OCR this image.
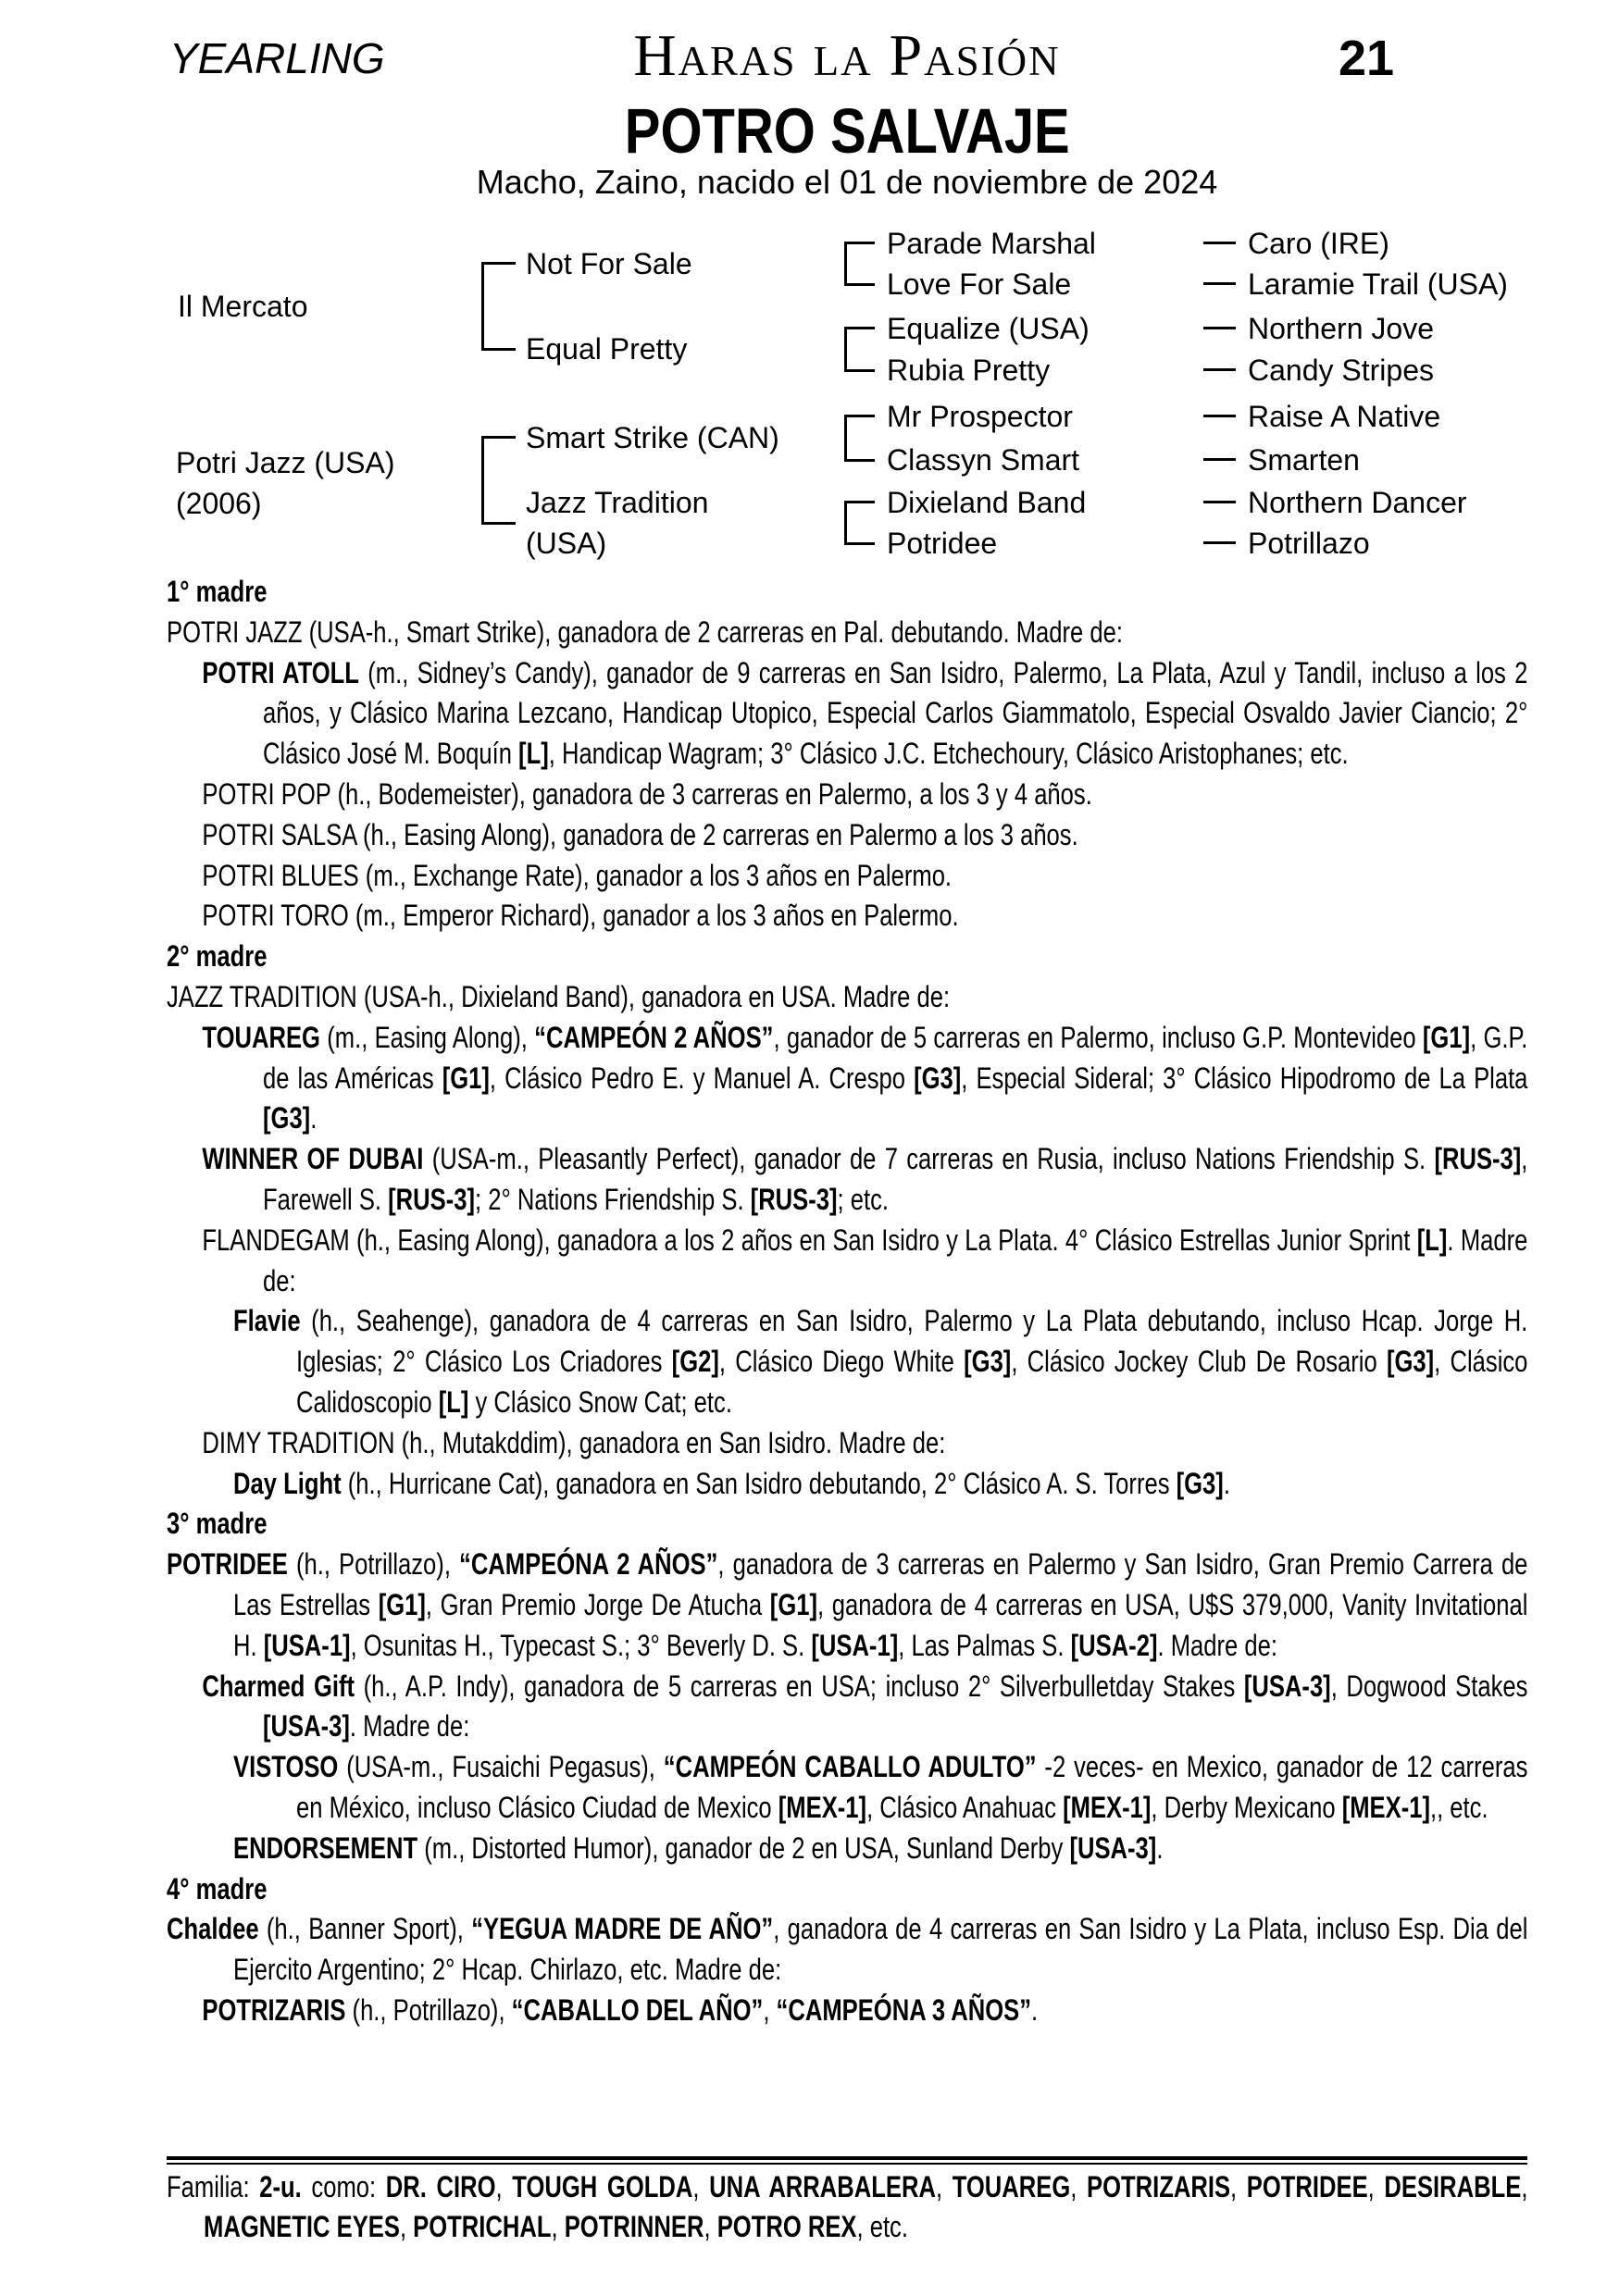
YEARLING	Haras la Pasión	21
POTRO SALVAJE
Macho, Zaino, nacido el 01 de noviembre de 2024
Il Mercato
Potri Jazz (USA)
(2006)
Not For Sale
Equal Pretty
Smart Strike (CAN)
Jazz Tradition
(USA)
Parade Marshal
Love For Sale
Equalize (USA)
Rubia Pretty
Mr Prospector
Classyn Smart
Dixieland Band
Potridee
Caro (IRE)
Laramie Trail (USA)
Northern Jove
Candy Stripes
Raise A Native
Smarten
Northern Dancer
Potrillazo

1° madre

POTRI JAZZ (USA-h., Smart Strike), ganadora de 2 carreras en Pal. debutando. Madre de:

POTRI ATOLL (m., Sidney’s Candy), ganador de 9 carreras en San Isidro, Palermo, La Plata, Azul y Tandil, incluso a los 2 años, y Clásico Marina Lezcano, Handicap Utopico, Especial Carlos Giammatolo, Especial Osvaldo Javier Ciancio; 2° Clásico José M. Boquín [L], Handicap Wagram; 3° Clásico J.C. Etchechoury, Clásico Aristophanes; etc.

POTRI POP (h., Bodemeister), ganadora de 3 carreras en Palermo, a los 3 y 4 años.

POTRI SALSA (h., Easing Along), ganadora de 2 carreras en Palermo a los 3 años.

POTRI BLUES (m., Exchange Rate), ganador a los 3 años en Palermo.

POTRI TORO (m., Emperor Richard), ganador a los 3 años en Palermo.

2° madre

JAZZ TRADITION (USA-h., Dixieland Band), ganadora en USA. Madre de:

TOUAREG (m., Easing Along), “CAMPEÓN 2 AÑOS”, ganador de 5 carreras en Palermo, incluso G.P. Montevideo [G1], G.P. de las Américas [G1], Clásico Pedro E. y Manuel A. Crespo [G3], Especial Sideral; 3° Clásico Hipodromo de La Plata [G3].

WINNER OF DUBAI (USA-m., Pleasantly Perfect), ganador de 7 carreras en Rusia, incluso Nations Friendship S. [RUS-3], Farewell S. [RUS-3]; 2° Nations Friendship S. [RUS-3]; etc.

FLANDEGAM (h., Easing Along), ganadora a los 2 años en San Isidro y La Plata. 4° Clásico Estrellas Junior Sprint [L]. Madre de:

Flavie (h., Seahenge), ganadora de 4 carreras en San Isidro, Palermo y La Plata debutando, incluso Hcap. Jorge H. Iglesias; 2° Clásico Los Criadores [G2], Clásico Diego White [G3], Clásico Jockey Club De Rosario [G3], Clásico Calidoscopio [L] y Clásico Snow Cat; etc.

DIMY TRADITION (h., Mutakddim), ganadora en San Isidro. Madre de:

Day Light (h., Hurricane Cat), ganadora en San Isidro debutando, 2° Clásico A. S. Torres [G3].

3° madre

POTRIDEE (h., Potrillazo), “CAMPEÓNA 2 AÑOS”, ganadora de 3 carreras en Palermo y San Isidro, Gran Premio Carrera de Las Estrellas [G1], Gran Premio Jorge De Atucha [G1], ganadora de 4 carreras en USA, U$S 379,000, Vanity Invitational H. [USA-1], Osunitas H., Typecast S.; 3° Beverly D. S. [USA-1], Las Palmas S. [USA-2]. Madre de:

Charmed Gift (h., A.P. Indy), ganadora de 5 carreras en USA; incluso 2° Silverbulletday Stakes [USA-3], Dogwood Stakes [USA-3]. Madre de:

VISTOSO (USA-m., Fusaichi Pegasus), “CAMPEÓN CABALLO ADULTO” -2 veces- en Mexico, ganador de 12 carreras en México, incluso Clásico Ciudad de Mexico [MEX-1], Clásico Anahuac [MEX-1], Derby Mexicano [MEX-1],, etc.

ENDORSEMENT (m., Distorted Humor), ganador de 2 en USA, Sunland Derby [USA-3].

4° madre

Chaldee (h., Banner Sport), “YEGUA MADRE DE AÑO”, ganadora de 4 carreras en San Isidro y La Plata, incluso Esp. Dia del Ejercito Argentino; 2° Hcap. Chirlazo, etc. Madre de:

POTRIZARIS (h., Potrillazo), “CABALLO DEL AÑO”, “CAMPEÓNA 3 AÑOS”.

Familia: 2-u. como: DR. CIRO, TOUGH GOLDA, UNA ARRABALERA, TOUAREG, POTRIZARIS, POTRIDEE, DESIRABLE, MAGNETIC EYES, POTRICHAL, POTRINNER, POTRO REX, etc.
